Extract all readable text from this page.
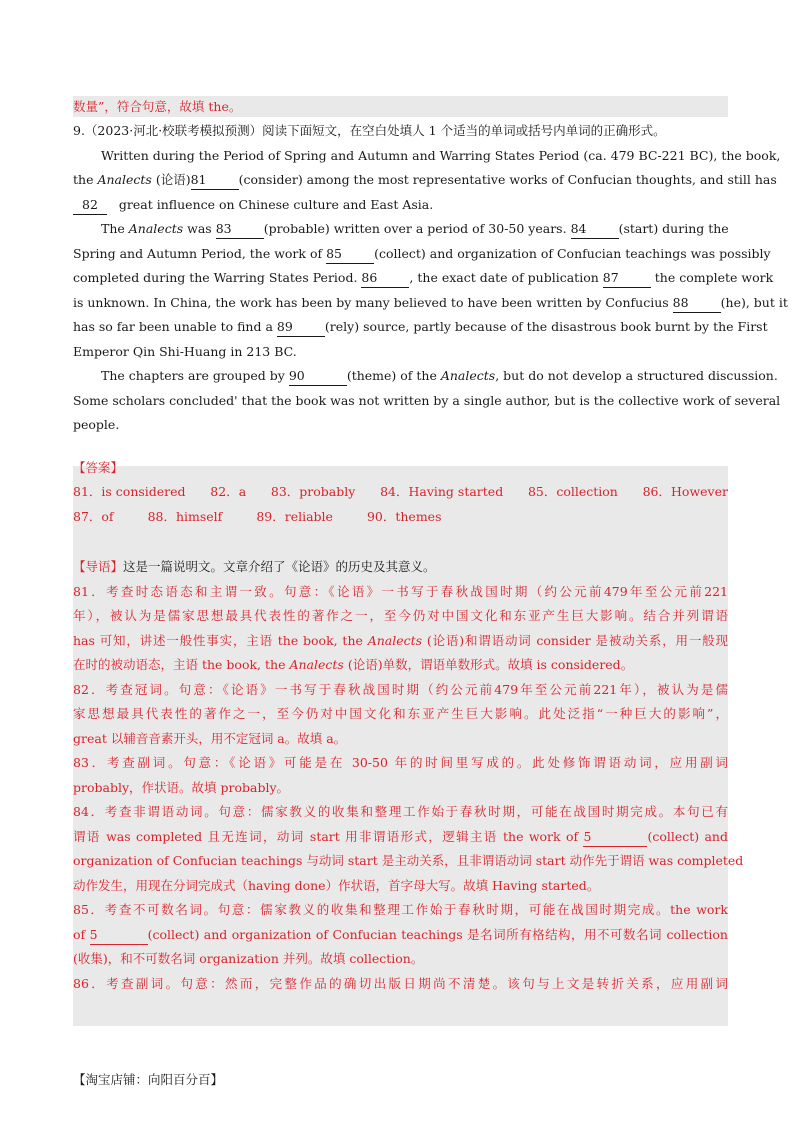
数量”，符合句意，故填 the。
9.（2023·河北·校联考模拟预测）阅读下面短文，在空白处填人 1 个适当的单词或括号内单词的正确形式。
Written during the Period of Spring and Autumn and Warring States Period (ca. 479 BC-221 BC), the book,
the Analects (论语)81	(consider) among the most representative works of Confucian thoughts, and still has
82 great influence on Chinese culture and East Asia.
The Analects was 83	(probable) written over a period of 30-50 years. 84	(start) during the
Spring and Autumn Period, the work of 85	(collect) and organization of Confucian teachings was possibly
completed during the Warring States Period. 86	, the exact date of publication 87	the complete work
is unknown. In China, the work has been by many believed to have been written by Confucius 88	(he), but it
has so far been unable to find a 89	(rely) source, partly because of the disastrous book burnt by the First
Emperor Qin Shi-Huang in 213 BC.
The chapters are grouped by 90	(theme) of the Analects, but do not develop a structured discussion.
Some scholars concluded' that the book was not written by a single author, but is the collective work of several
people.
【答案】
81．is considered 82．a 83．probably 84．Having started 85．collection 86．However
87．of	88．himself	89．reliable	90．themes
【导语】这是一篇说明文。文章介绍了《论语》的历史及其意义。
81．考查时态语态和主谓一致。句意：《论语》一书写于春秋战国时期（约公元前479年至公元前221
年），被认为是儒家思想最具代表性的著作之一，至今仍对中国文化和东亚产生巨大影响。结合并列谓语
has 可知，讲述一般性事实，主语 the book, the Analects (论语)和谓语动词 consider 是被动关系，用一般现
在时的被动语态，主语 the book, the Analects (论语)单数，谓语单数形式。故填 is considered。
82．考查冠词。句意：《论语》一书写于春秋战国时期（约公元前479年至公元前221年），被认为是儒
家思想最具代表性的著作之一，至今仍对中国文化和东亚产生巨大影响。此处泛指“一种巨大的影响”，
great 以辅音音素开头，用不定冠词 a。故填 a。
83．考查副词。句意：《论语》可能是在 30-50 年的时间里写成的。此处修饰谓语动词，应用副词
probably，作状语。故填 probably。
84．考查非谓语动词。句意：儒家教义的收集和整理工作始于春秋时期，可能在战国时期完成。本句已有
谓语 was completed 且无连词，动词 start 用非谓语形式，逻辑主语 the work of 5	(collect) and
organization of Confucian teachings 与动词 start 是主动关系，且非谓语动词 start 动作先于谓语 was completed
动作发生，用现在分词完成式（having done）作状语，首字母大写。故填 Having started。
85．考查不可数名词。句意：儒家教义的收集和整理工作始于春秋时期，可能在战国时期完成。the work
of 5	(collect) and organization of Confucian teachings 是名词所有格结构，用不可数名词 collection
(收集)，和不可数名词 organization 并列。故填 collection。
86．考查副词。句意：然而，完整作品的确切出版日期尚不清楚。该句与上文是转折关系，应用副词
【淘宝店铺：向阳百分百】
